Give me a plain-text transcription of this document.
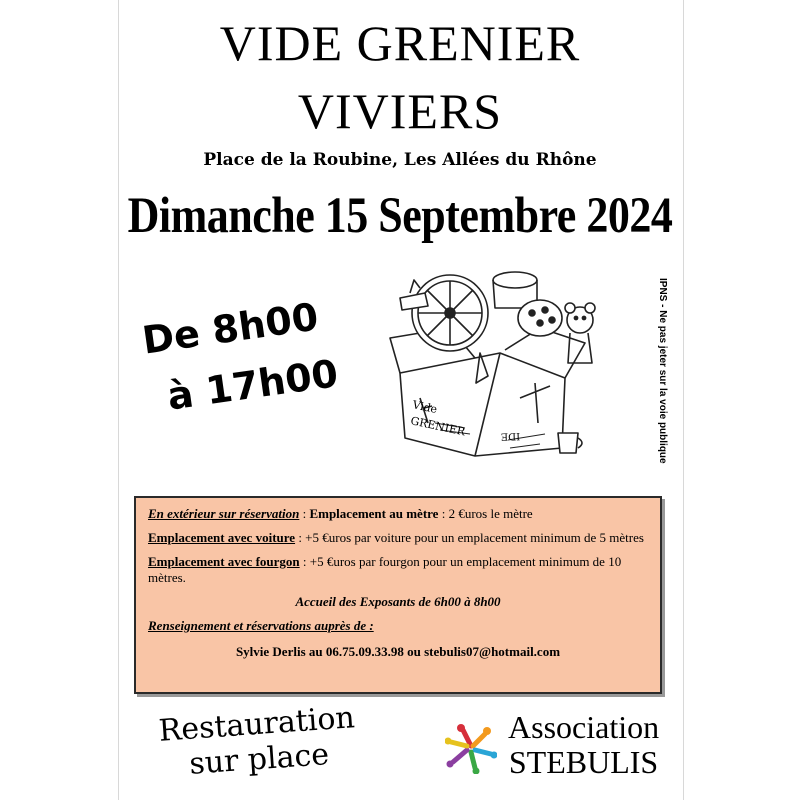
VIDE GRENIER
VIVIERS
Place de la Roubine, Les Allées du Rhône
Dimanche 15 Septembre 2024
De 8h00
à 17h00	Vide
GRENIER	IDE	IPNS - Ne pas jeter sur la voie publique

En extérieur sur réservation : Emplacement au mètre : 2 €uros le mètre

Emplacement avec voiture : +5 €uros par voiture pour un emplacement minimum de 5 mètres

Emplacement avec fourgon : +5 €uros par fourgon pour un emplacement minimum de 10 mètres.

Accueil des Exposants de 6h00 à 8h00

Renseignement et réservations auprès de :

Sylvie Derlis au 06.75.09.33.98 ou stebulis07@hotmail.com

Restauration
sur place
Association
STEBULIS
